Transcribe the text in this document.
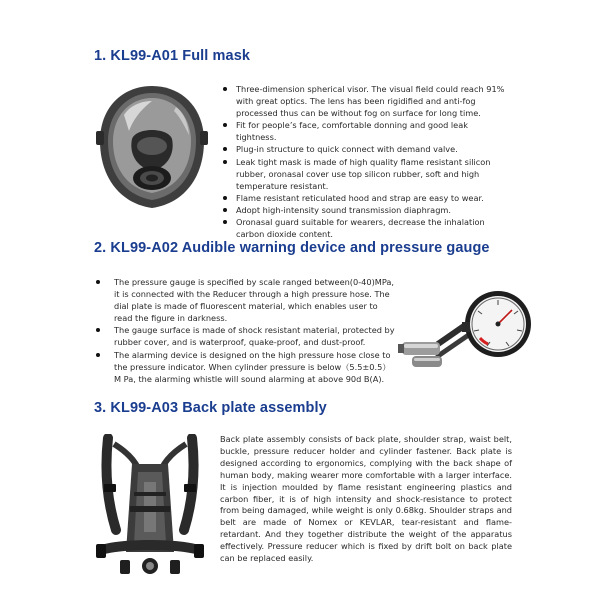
1. KL99-A01 Full mask
Three-dimension spherical visor. The visual field could reach 91% with great optics. The lens has been rigidified and anti-fog processed thus can be without fog on surface for long time.
Fit for people’s face, comfortable donning and good leak tightness.
Plug-in structure to quick connect with demand valve.
Leak tight mask is made of high quality flame resistant silicon rubber, oronasal cover use top silicon rubber, soft and high temperature resistant.
Flame resistant reticulated hood and strap are easy to wear.
Adopt high-intensity sound transmission diaphragm.
Oronasal guard suitable for wearers, decrease the inhalation carbon dioxide content.
2. KL99-A02 Audible warning device and pressure gauge
The pressure gauge is specified by scale ranged between(0-40)MPa, it is connected with the Reducer through a high pressure hose. The dial plate is made of fluorescent material, which enables user to read the figure in darkness.
The gauge surface is made of shock resistant material, protected by rubber cover, and is waterproof, quake-proof, and dust-proof.
The alarming device is designed on the high pressure hose close to the pressure indicator. When cylinder pressure is below（5.5±0.5）M Pa, the alarming whistle will sound alarming at above 90d B(A).
3. KL99-A03 Back plate assembly
Back plate assembly consists of back plate, shoulder strap, waist belt, buckle, pressure reducer holder and cylinder fastener. Back plate is designed according to ergonomics, complying with the back shape of human body, making wearer more comfortable with a larger interface. It is injection moulded by flame resistant engineering plastics and carbon fiber, it is of high intensity and shock-resistance to protect from being damaged, while weight is only 0.68kg. Shoulder straps and belt are made of Nomex or KEVLAR, tear-resistant and flame-retardant. And they together distribute the weight of the apparatus effectively. Pressure reducer which is fixed by drift bolt on back plate can be replaced easily.
